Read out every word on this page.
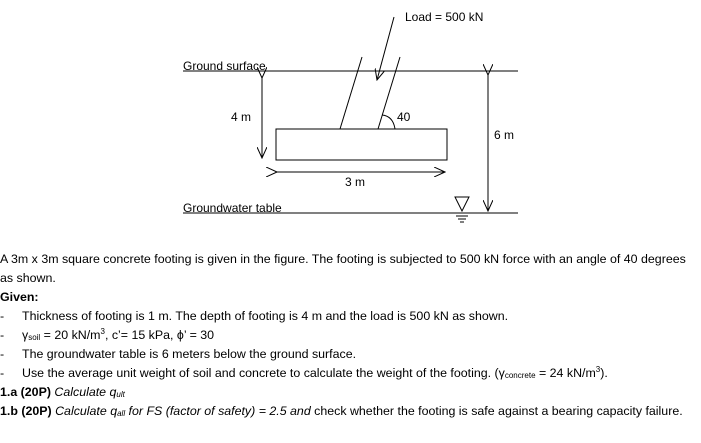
Ground surface
Groundwater table
Load = 500 kN
40
4 m
3 m
6 m

A 3m x 3m square concrete footing is given in the figure. The footing is subjected to 500 kN force with an angle of 40 degrees as shown.

Given:

- Thickness of footing is 1 m. The depth of footing is 4 m and the load is 500 kN as shown.

- $\gamma_{soil} = 20$ $kN/m^3$, c’= 15 kPa, ϕ’ = 30

- The groundwater table is 6 meters below the ground surface.

- Use the average unit weight of soil and concrete to calculate the weight of the footing. ($\gamma_{concrete} = 24$ $kN/m^3$).

1.a (20P) Calculate $q_{ult}$

1.b (20P) Calculate $q_{all}$ for FS (factor of safety) = 2.5 and check whether the footing is safe against a bearing capacity failure.
